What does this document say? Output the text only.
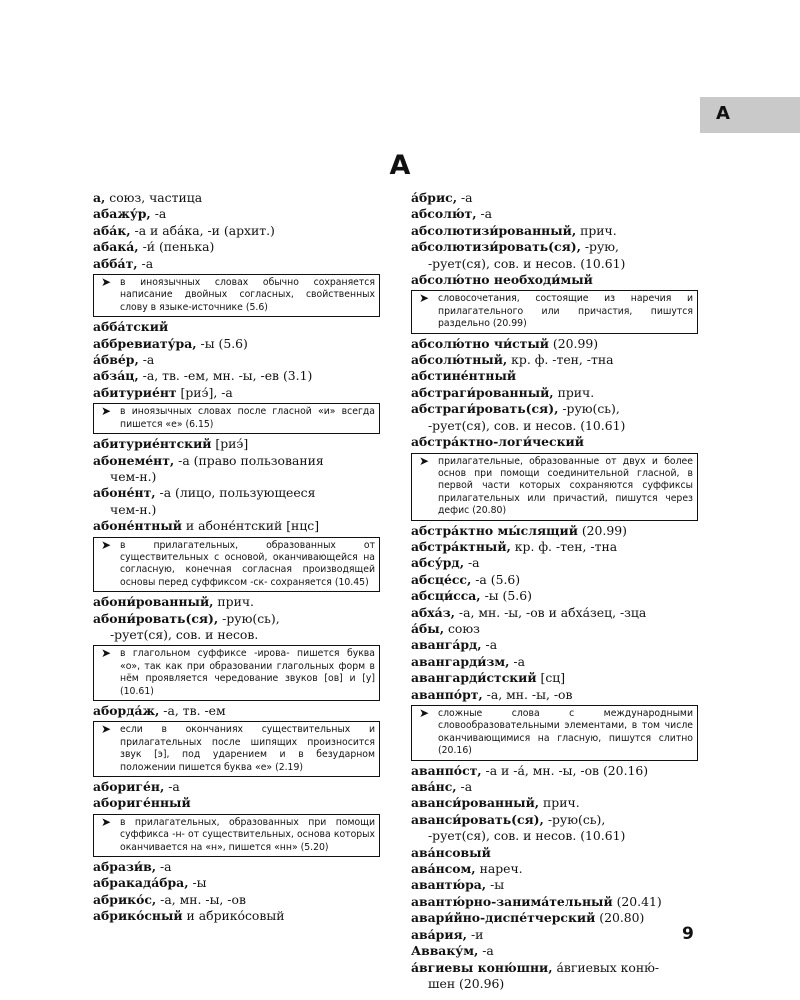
А
А
а, союз, частица
абажу́р, -а
аба́к, -а и абáка, -и (архит.)
абака́, -и́ (пенька)
абба́т, -а
➤ в иноязычных словах обычно сохраняется написание двойных согласных, свойственных слову в языке-источнике (5.6)
абба́тский
аббревиату́ра, -ы (5.6)
а́бве́р, -а
абза́ц, -а, тв. -ем, мн. -ы, -ев (3.1)
абитурие́нт [риэ́], -а
➤ в иноязычных словах после гласной «и» всегда пишется «е» (6.15)
абитурие́нтский [риэ́]
абонеме́нт, -а (право пользования
чем-н.)
абоне́нт, -а (лицо, пользующееся
чем-н.)
абоне́нтный и абоне́нтский [нцс]
➤ в прилагательных, образованных от существительных с основой, оканчивающейся на согласную, конечная согласная производящей основы перед суффиксом -ск- сохраняется (10.45)
абони́рованный, прич.
абони́ровать(ся), -рую(сь),
-рует(ся), сов. и несов.
➤ в глагольном суффиксе -ирова- пишется буква «о», так как при образовании глагольных форм в нём проявляется чередование звуков [ов] и [у] (10.61)
аборда́ж, -а, тв. -ем
➤ если в окончаниях существительных и прилагательных после шипящих произносится звук [э], под ударением и в безударном положении пишется буква «е» (2.19)
абориге́н, -а
абориге́нный
➤ в прилагательных, образованных при помощи суффикса -н- от существительных, основа которых оканчивается на «н», пишется «нн» (5.20)
абрази́в, -а
абракада́бра, -ы
абрико́с, -а, мн. -ы, -ов
абрико́сный и абрико́совый
а́брис, -а
абсолю́т, -а
абсолютизи́рованный, прич.
абсолютизи́ровать(ся), -рую,
-рует(ся), сов. и несов. (10.61)
абсолю́тно необходи́мый
➤ словосочетания, состоящие из наречия и прилагательного или причастия, пишутся раздельно (20.99)
абсолю́тно чи́стый (20.99)
абсолю́тный, кр. ф. -тен, -тна
абстине́нтный
абстраги́рованный, прич.
абстраги́ровать(ся), -рую(сь),
-рует(ся), сов. и несов. (10.61)
абстра́ктно-логи́ческий
➤ прилагательные, образованные от двух и более основ при помощи соединительной гласной, в первой части которых сохраняются суффиксы прилагательных или причастий, пишутся через дефис (20.80)
абстра́ктно мы́слящий (20.99)
абстра́ктный, кр. ф. -тен, -тна
абсу́рд, -а
абсце́сс, -а (5.6)
абсци́сса, -ы (5.6)
абха́з, -а, мн. -ы, -ов и абха́зец, -зца
а́бы, союз
аванга́рд, -а
авангарди́зм, -а
авангарди́стский [сц]
аванпо́рт, -а, мн. -ы, -ов
➤ сложные слова с международными словообразовательными элементами, в том числе оканчивающимися на гласную, пишутся слитно (20.16)
аванпо́ст, -а и -а́, мн. -ы, -ов (20.16)
ава́нс, -а
аванси́рованный, прич.
аванси́ровать(ся), -рую(сь),
-рует(ся), сов. и несов. (10.61)
ава́нсовый
ава́нсом, нареч.
авантю́ра, -ы
авантю́рно-занима́тельный (20.41)
авари́йно-диспе́тчерский (20.80)
ава́рия, -и
Авваку́м, -а
а́вгиевы коню́шни, а́вгиевых коню́-
шен (20.96)
9
